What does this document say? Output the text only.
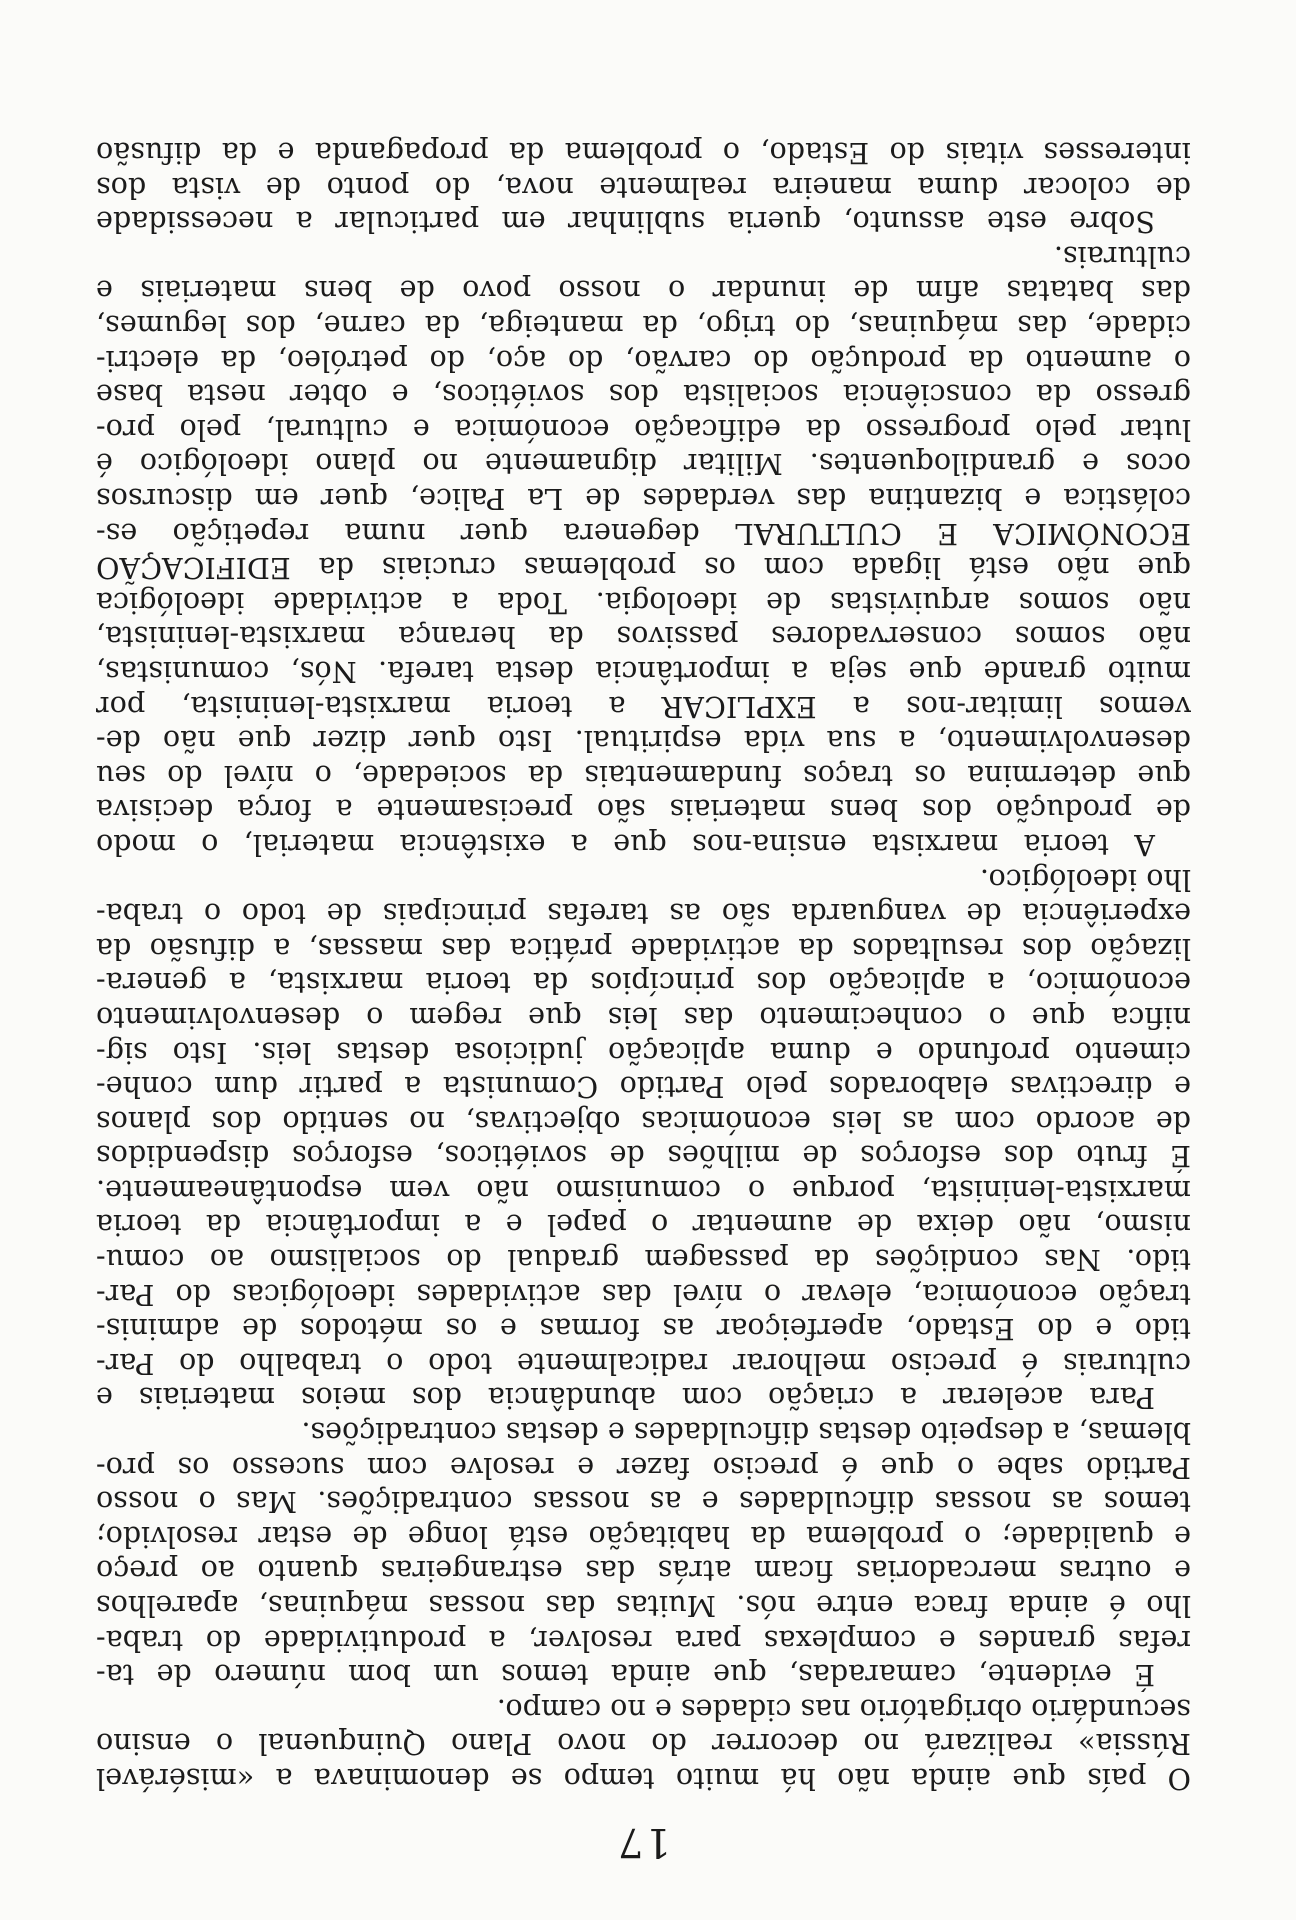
17
O país que ainda não há muito tempo se denominava a «misérável
Rússia» realizará no decorrer do novo Plano Quinquenal o ensino
secundário obrigatório nas cidades e no campo.
É evidente, camaradas, que ainda temos um bom número de ta-
refas grandes e complexas para resolver, a produtividade do traba-
lho é ainda fraca entre nós. Muitas das nossas máquinas, aparelhos
e outras mercadorias ficam atrás das estrangeiras quanto ao preço
e qualidade; o problema da habitação está longe de estar resolvido;
temos as nossas dificuldades e as nossas contradições. Mas o nosso
Partido sabe o que é preciso fazer e resolve com sucesso os pro-
blemas, a despeito destas dificuldades e destas contradições.
Para acelerar a criação com abundância dos meios materiais e
culturais é preciso melhorar radicalmente todo o trabalho do Par-
tido e do Estado, aperfeiçoar as formas e os métodos de adminis-
tração económica, elevar o nível das actividades ideológicas do Par-
tido. Nas condições da passagem gradual do socialismo ao comu-
nismo, não deixa de aumentar o papel e a importância da teoria
marxista-leninista, porque o comunismo não vem espontâneamente.
É fruto dos esforços de milhões de soviéticos, esforços dispendidos
de acordo com as leis económicas objectivas, no sentido dos planos
e directivas elaborados pelo Partido Comunista a partir dum conhe-
cimento profundo e duma aplicação judiciosa destas leis. Isto sig-
nifica que o conhecimento das leis que regem o desenvolvimento
económico, a aplicação dos princípios da teoria marxista, a genera-
lização dos resultados da actividade prática das massas, a difusão da
experiência de vanguarda são as tarefas principais de todo o traba-
lho ideológico.
A teoria marxista ensina-nos que a existência material, o modo
de produção dos bens materiais são precisamente a força decisiva
que determina os traços fundamentais da sociedade, o nível do seu
desenvolvimento, a sua vida espiritual. Isto quer dizer que não de-
vemos limitar-nos a EXPLICAR a teoria marxista-leninista, por
muito grande que seja a importância desta tarefa. Nós, comunistas,
não somos conservadores passivos da herança marxista-leninista,
não somos arquivistas de ideologia. Toda a actividade ideológica
que não está ligada com os problemas cruciais da EDIFICAÇÃO
ECONÓMICA E CULTURAL degenera quer numa repetição es-
colástica e bizantina das verdades de La Palice, quer em discursos
ocos e grandiloquentes. Militar dignamente no plano ideológico é
lutar pelo progresso da edificação económica e cultural, pelo pro-
gresso da consciência socialista dos soviéticos, e obter nesta base
o aumento da produção do carvão, do aço, do petróleo, da electri-
cidade, das máquinas, do trigo, da manteiga, da carne, dos legumes,
das batatas afim de inundar o nosso povo de bens materiais e
culturais.
Sobre este assunto, queria sublinhar em particular a necessidade
de colocar duma maneira realmente nova, do ponto de vista dos
interesses vitais do Estado, o problema da propaganda e da difusão
